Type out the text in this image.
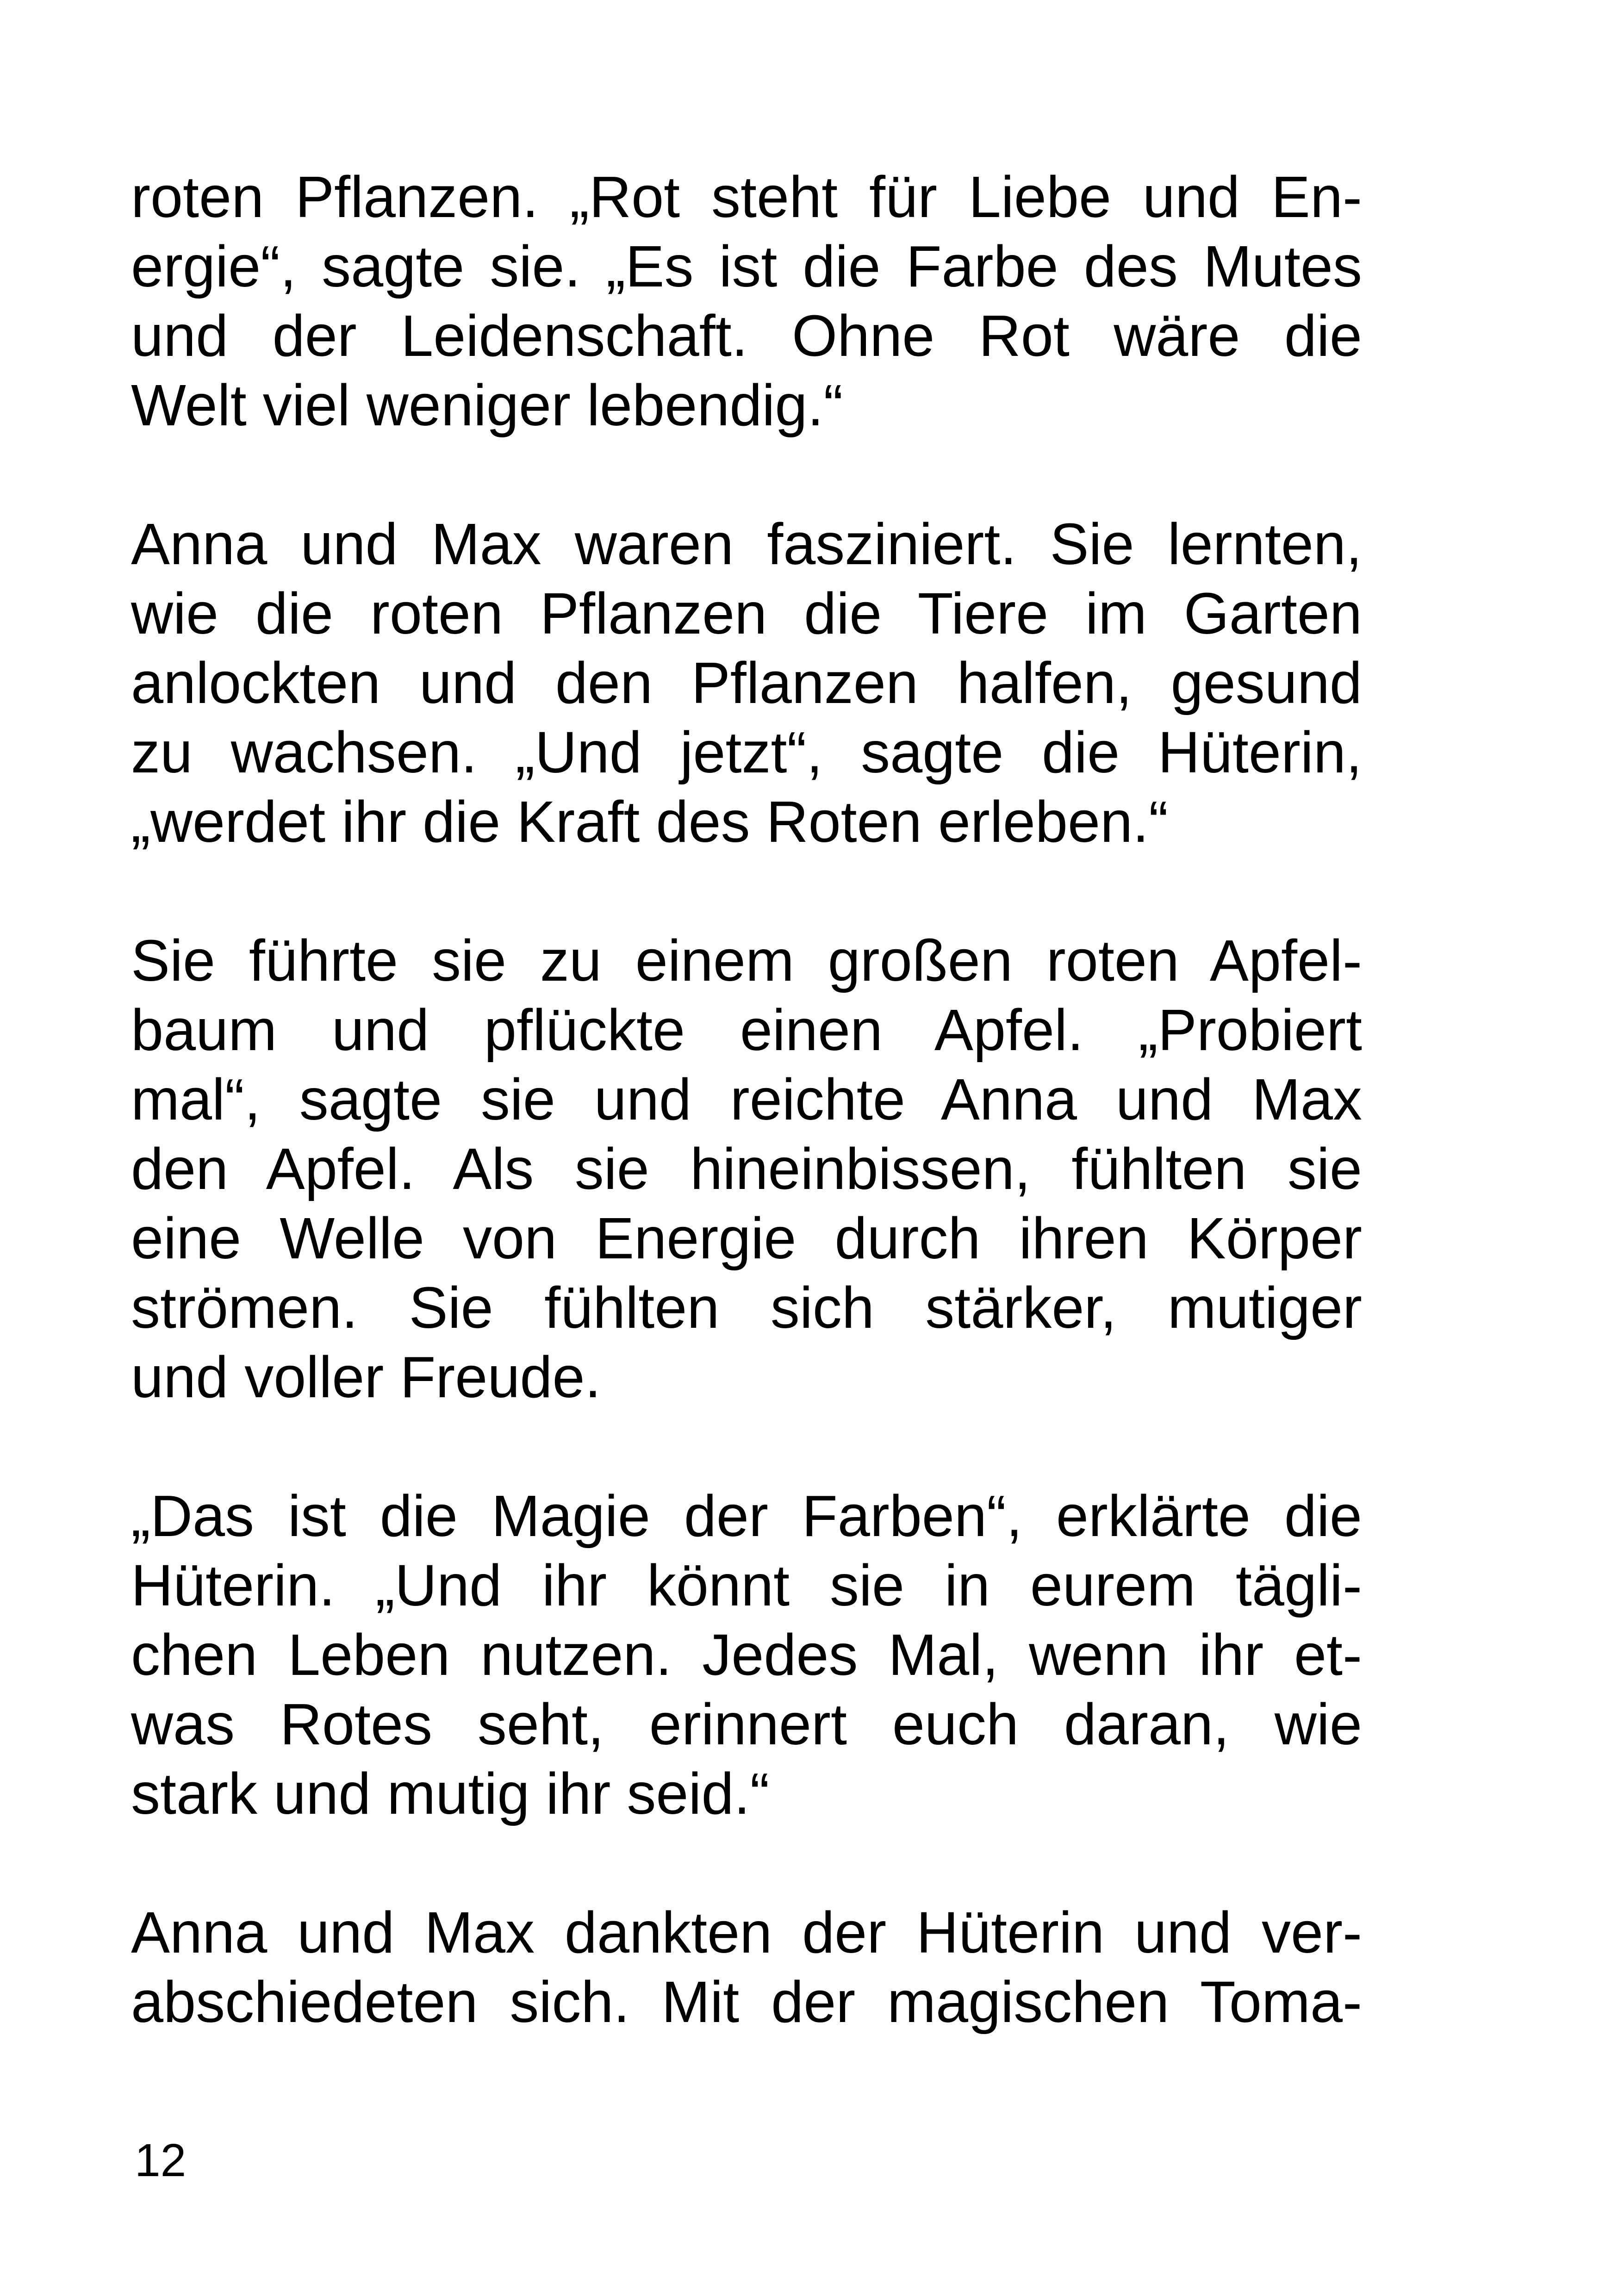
roten Pflanzen. „Rot steht für Liebe und En-
ergie“, sagte sie. „Es ist die Farbe des Mutes
und der Leidenschaft. Ohne Rot wäre die
Welt viel weniger lebendig.“

Anna und Max waren fasziniert. Sie lernten,
wie die roten Pflanzen die Tiere im Garten
anlockten und den Pflanzen halfen, gesund
zu wachsen. „Und jetzt“, sagte die Hüterin,
„werdet ihr die Kraft des Roten erleben.“

Sie führte sie zu einem großen roten Apfel-
baum und pflückte einen Apfel. „Probiert
mal“, sagte sie und reichte Anna und Max
den Apfel. Als sie hineinbissen, fühlten sie
eine Welle von Energie durch ihren Körper
strömen. Sie fühlten sich stärker, mutiger
und voller Freude.

„Das ist die Magie der Farben“, erklärte die
Hüterin. „Und ihr könnt sie in eurem tägli-
chen Leben nutzen. Jedes Mal, wenn ihr et-
was Rotes seht, erinnert euch daran, wie
stark und mutig ihr seid.“

Anna und Max dankten der Hüterin und ver-
abschiedeten sich. Mit der magischen Toma-

12
